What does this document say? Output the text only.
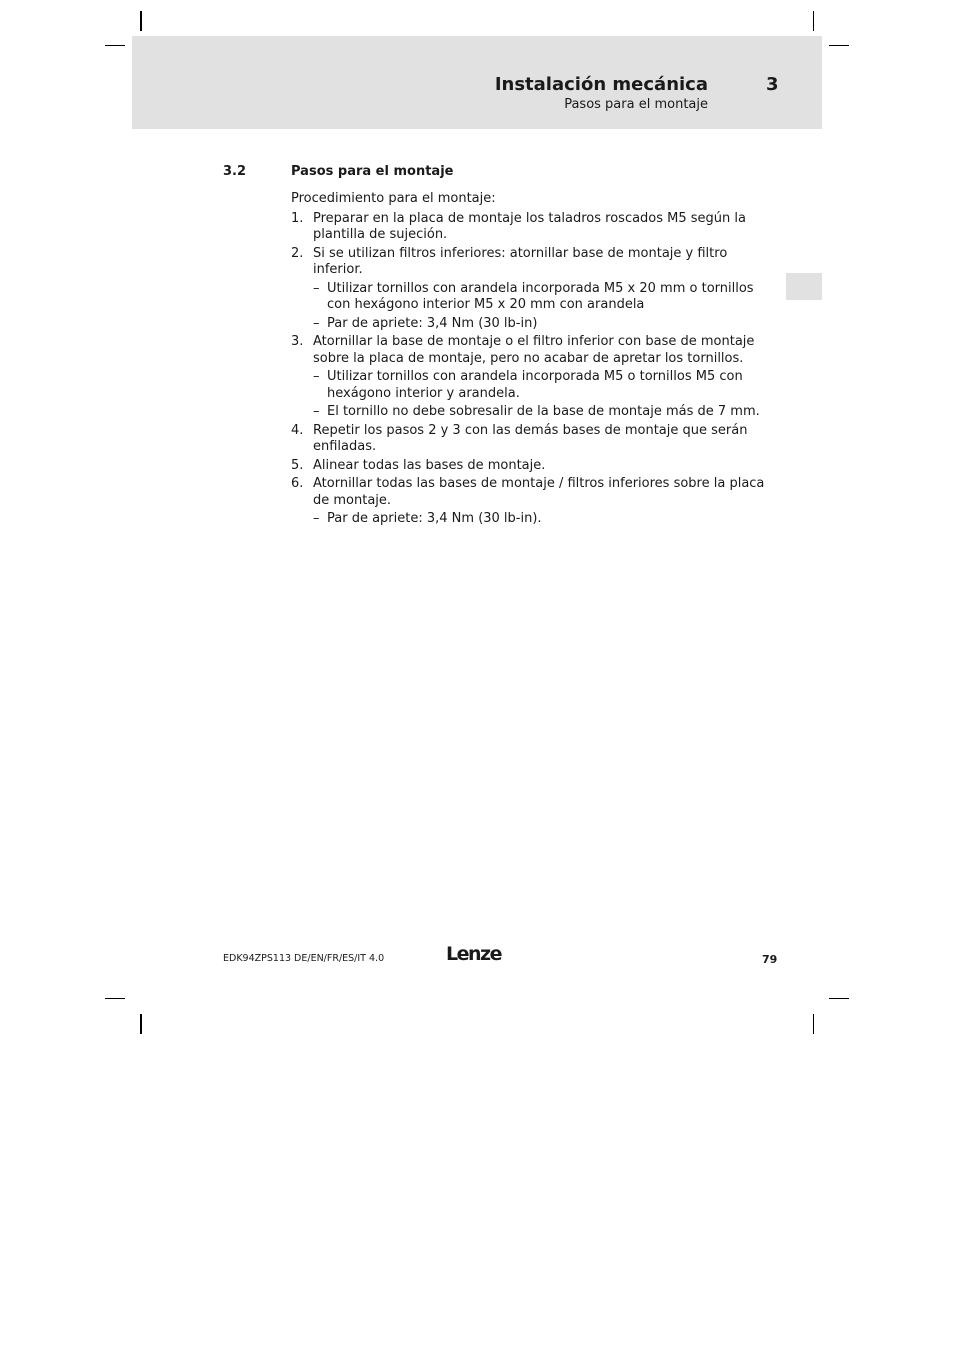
Instalación mecánica	3
Pasos para el montaje
3.2	Pasos para el montaje

Procedimiento para el montaje:

1. Preparar en la placa de montaje los taladros roscados M5 según la plantilla de sujeción.
2. Si se utilizan filtros inferiores: atornillar base de montaje y filtro inferior.
– Utilizar tornillos con arandela incorporada M5 x 20 mm o tornillos con hexágono interior M5 x 20 mm con arandela
– Par de apriete: 3,4 Nm (30 lb-in)
3. Atornillar la base de montaje o el filtro inferior con base de montaje sobre la placa de montaje, pero no acabar de apretar los tornillos.
– Utilizar tornillos con arandela incorporada M5 o tornillos M5 con hexágono interior y arandela.
– El tornillo no debe sobresalir de la base de montaje más de 7 mm.
4. Repetir los pasos 2 y 3 con las demás bases de montaje que serán enfiladas.
5. Alinear todas las bases de montaje.
6. Atornillar todas las bases de montaje / filtros inferiores sobre la placa de montaje.
– Par de apriete: 3,4 Nm (30 lb-in).
EDK94ZPS113 DE/EN/FR/ES/IT 4.0	Lenze	79
